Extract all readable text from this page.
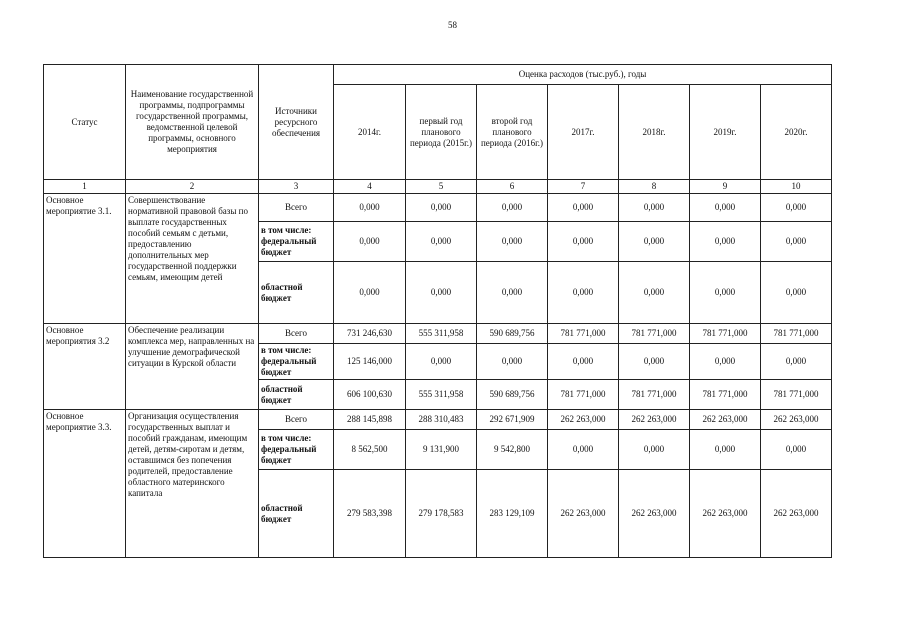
58
Статус	Наименование государственной программы, подпрограммы государственной программы, ведомственной целевой программы, основного мероприятия	Источники ресурсного обеспечения	Оценка расходов (тыс.руб.), годы						
			2014г.	первый год планового периода (2015г.)	второй год планового периода (2016г.)	2017г.	2018г.	2019г.	2020г.
1	2	3	4	5	6	7	8	9	10
Основное мероприятие 3.1.	Совершенствование нормативной правовой базы по выплате государственных пособий семьям с детьми, предоставлению дополнительных мер государственной поддержки семьям, имеющим детей	Всего	0,000	0,000	0,000	0,000	0,000	0,000	0,000
		в том числе: федеральный бюджет	0,000	0,000	0,000	0,000	0,000	0,000	0,000
		областной бюджет	0,000	0,000	0,000	0,000	0,000	0,000	0,000
Основное мероприятия 3.2	Обеспечение реализации комплекса мер, направленных на улучшение демографической ситуации в Курской области	Всего	731 246,630	555 311,958	590 689,756	781 771,000	781 771,000	781 771,000	781 771,000
		в том числе: федеральный бюджет	125 146,000	0,000	0,000	0,000	0,000	0,000	0,000
		областной бюджет	606 100,630	555 311,958	590 689,756	781 771,000	781 771,000	781 771,000	781 771,000
Основное мероприятие 3.3.	Организация осуществления государственных выплат и пособий гражданам, имеющим детей, детям-сиротам и детям, оставшимся без попечения родителей, предоставление областного материнского капитала	Всего	288 145,898	288 310,483	292 671,909	262 263,000	262 263,000	262 263,000	262 263,000
		в том числе: федеральный бюджет	8 562,500	9 131,900	9 542,800	0,000	0,000	0,000	0,000
		областной бюджет	279 583,398	279 178,583	283 129,109	262 263,000	262 263,000	262 263,000	262 263,000
